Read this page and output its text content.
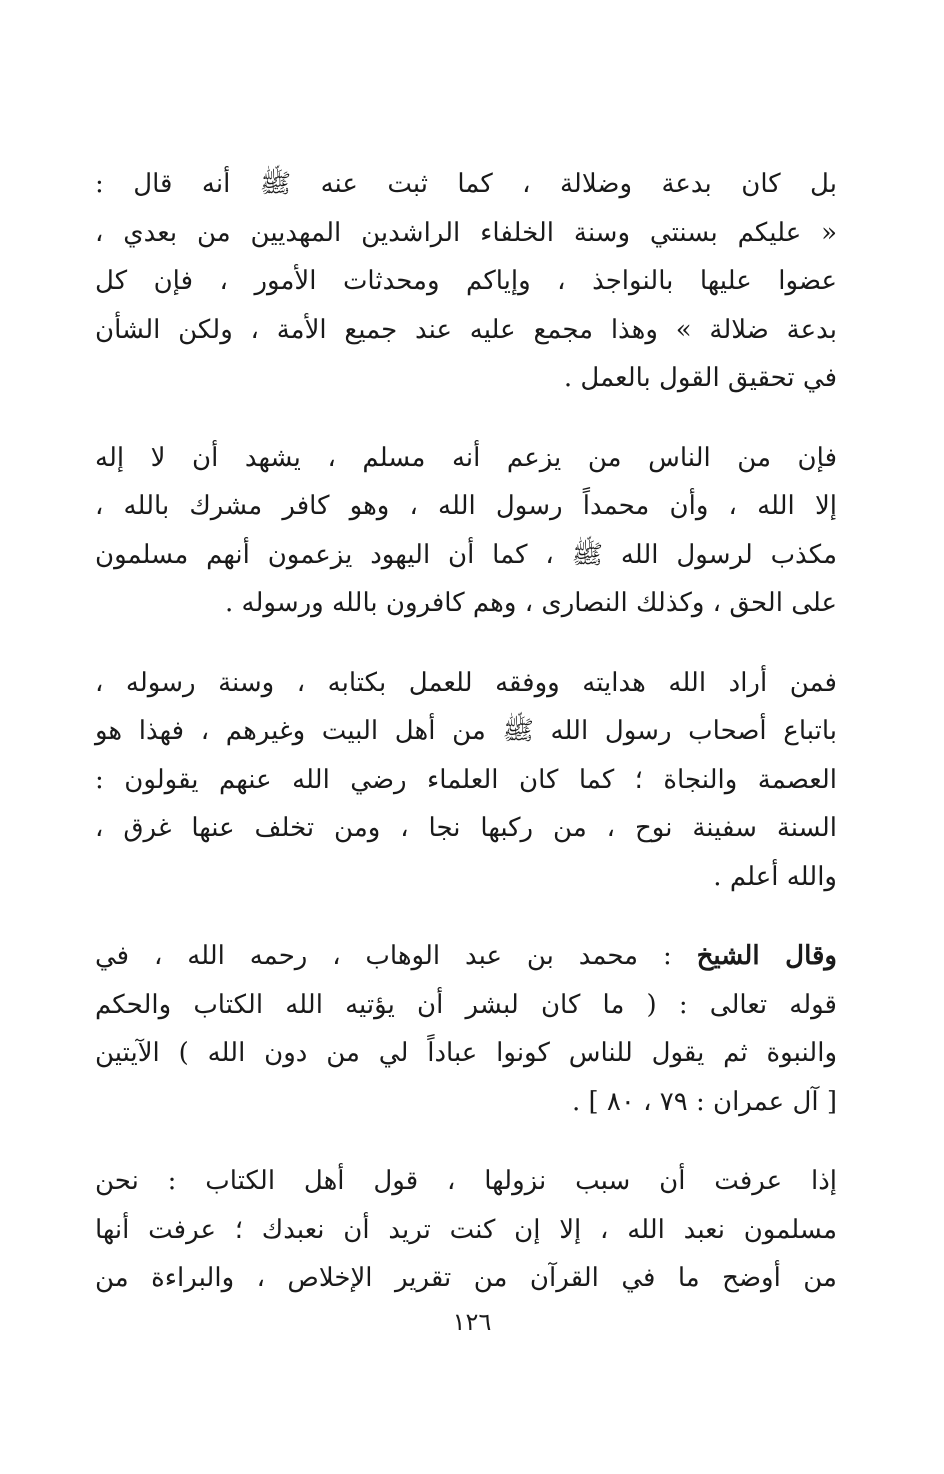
بل كان بدعة وضلالة ، كما ثبت عنه ﷺ أنه قال :
« عليكم بسنتي وسنة الخلفاء الراشدين المهديين من بعدي ،
عضوا عليها بالنواجذ ، وإياكم ومحدثات الأمور ، فإن كل
بدعة ضلالة » وهذا مجمع عليه عند جميع الأمة ، ولكن الشأن
في تحقيق القول بالعمل .

فإن من الناس من يزعم أنه مسلم ، يشهد أن لا إله
إلا الله ، وأن محمداً رسول الله ، وهو كافر مشرك بالله ،
مكذب لرسول الله ﷺ ، كما أن اليهود يزعمون أنهم مسلمون
على الحق ، وكذلك النصارى ، وهم كافرون بالله ورسوله .

فمن أراد الله هدايته ووفقه للعمل بكتابه ، وسنة رسوله ،
باتباع أصحاب رسول الله ﷺ من أهل البيت وغيرهم ، فهذا هو
العصمة والنجاة ؛ كما كان العلماء رضي الله عنهم يقولون :
السنة سفينة نوح ، من ركبها نجا ، ومن تخلف عنها غرق ،
والله أعلم .

وقال الشيخ : محمد بن عبد الوهاب ، رحمه الله ، في
قوله تعالى : ( ما كان لبشر أن يؤتيه الله الكتاب والحكم
والنبوة ثم يقول للناس كونوا عباداً لي من دون الله ) الآيتين
[ آل عمران : ٧٩ ، ٨٠ ] .

إذا عرفت أن سبب نزولها ، قول أهل الكتاب : نحن
مسلمون نعبد الله ، إلا إن كنت تريد أن نعبدك ؛ عرفت أنها
من أوضح ما في القرآن من تقرير الإخلاص ، والبراءة من

١٢٦
